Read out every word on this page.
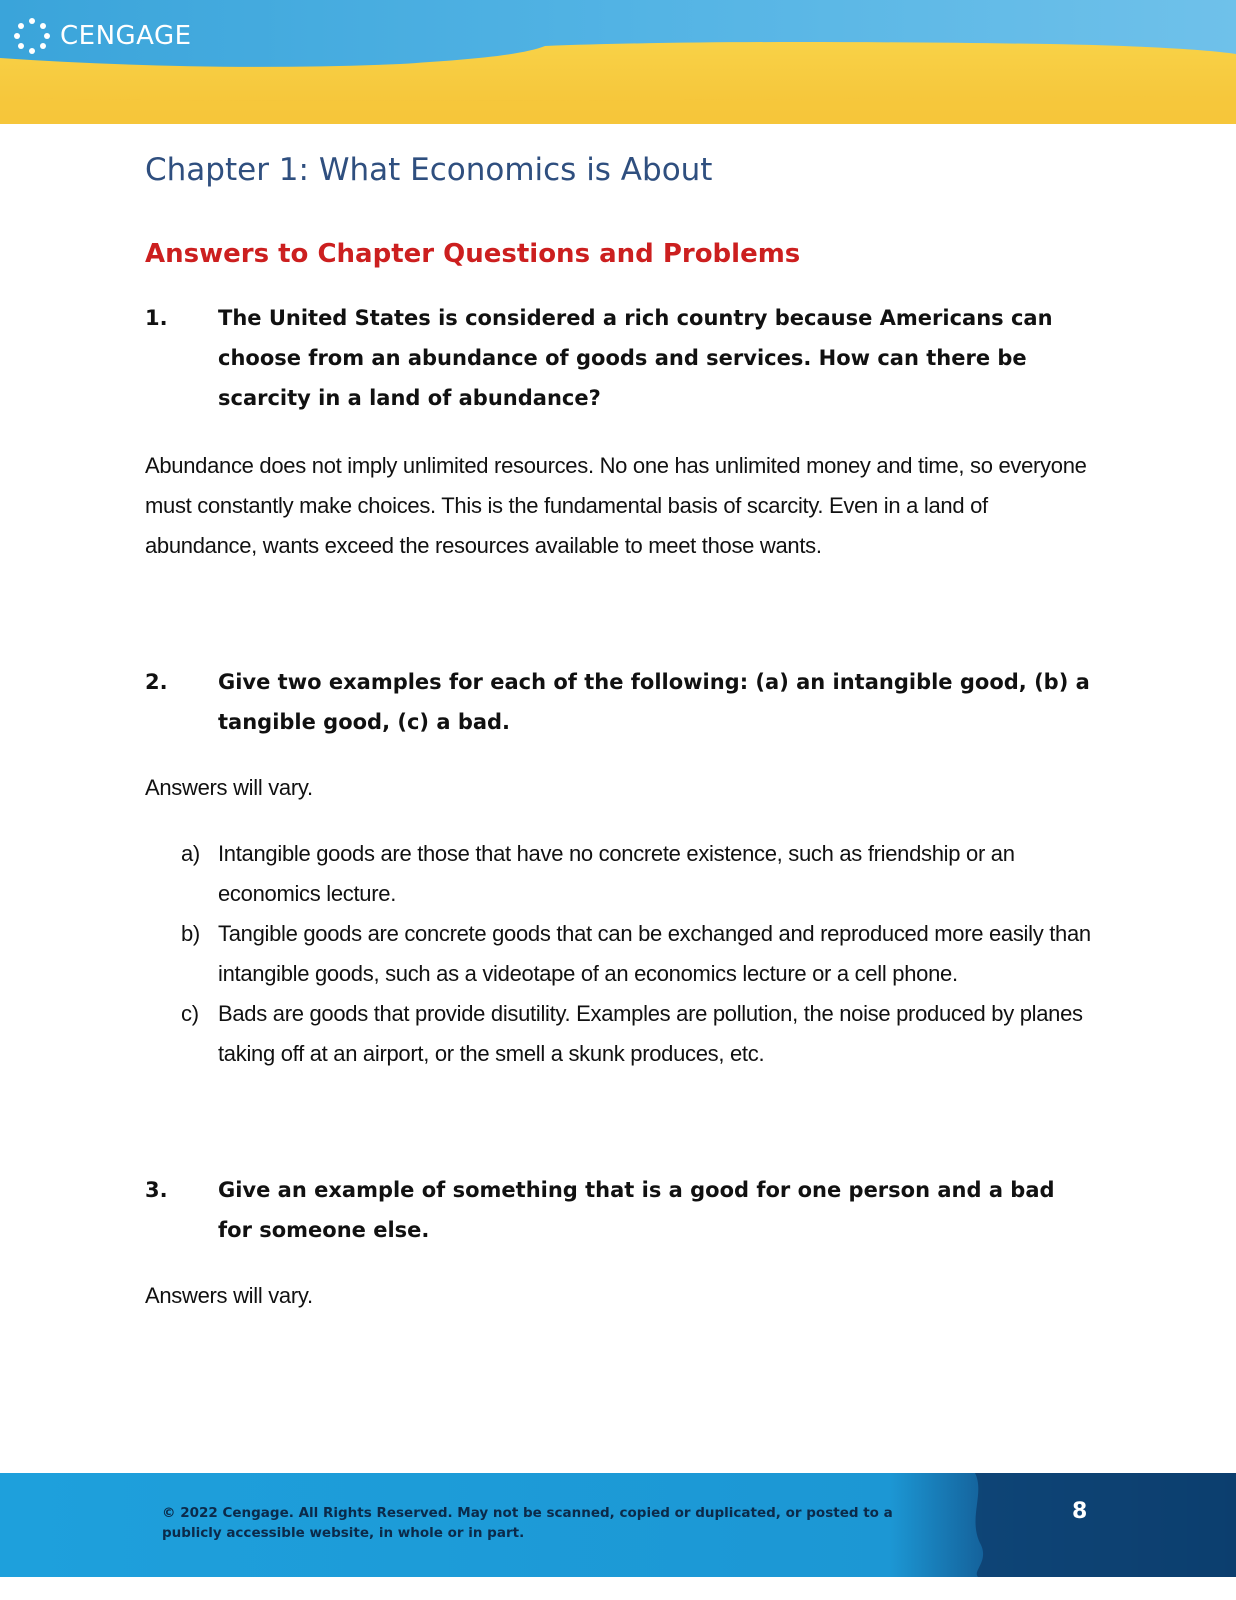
CENGAGE
Chapter 1: What Economics is About
Answers to Chapter Questions and Problems
1.	The United States is considered a rich country because Americans can choose from an abundance of goods and services. How can there be scarcity in a land of abundance?

Abundance does not imply unlimited resources. No one has unlimited money and time, so everyone must constantly make choices. This is the fundamental basis of scarcity. Even in a land of abundance, wants exceed the resources available to meet those wants.

2.	Give two examples for each of the following: (a) an intangible good, (b) a tangible good, (c) a bad.

Answers will vary.

a) Intangible goods are those that have no concrete existence, such as friendship or an economics lecture.
b) Tangible goods are concrete goods that can be exchanged and reproduced more easily than intangible goods, such as a videotape of an economics lecture or a cell phone.
c) Bads are goods that provide disutility. Examples are pollution, the noise produced by planes taking off at an airport, or the smell a skunk produces, etc.
3.	Give an example of something that is a good for one person and a bad for someone else.

Answers will vary.

© 2022 Cengage. All Rights Reserved. May not be scanned, copied or duplicated, or posted to a publicly accessible website, in whole or in part.
8
